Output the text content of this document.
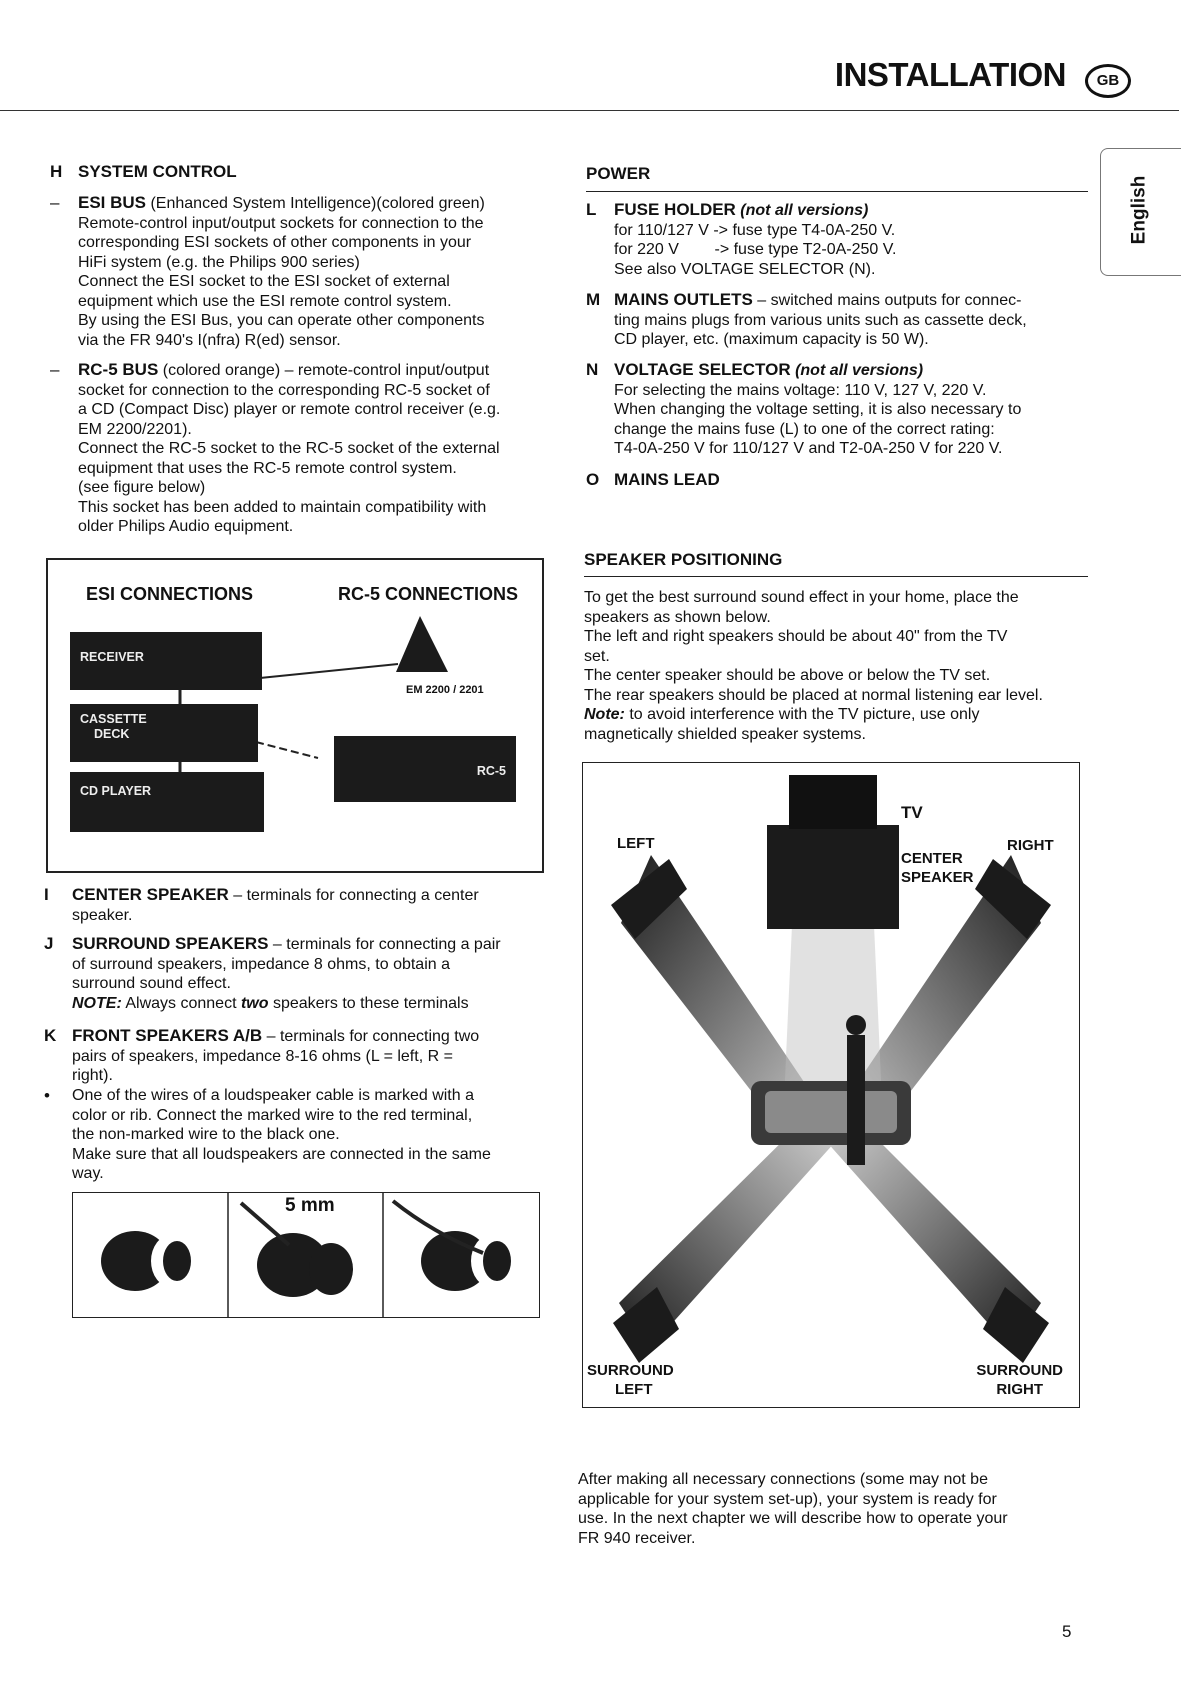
INSTALLATION	GB
English
H SYSTEM CONTROL
– ESI BUS (Enhanced System Intelligence)(colored green)
Remote-control input/output sockets for connection to the
corresponding ESI sockets of other components in your
HiFi system (e.g. the Philips 900 series)
Connect the ESI socket to the ESI socket of external
equipment which use the ESI remote control system.
By using the ESI Bus, you can operate other components
via the FR 940's I(nfra) R(ed) sensor.
– RC-5 BUS (colored orange) – remote-control input/output
socket for connection to the corresponding RC-5 socket of
a CD (Compact Disc) player or remote control receiver (e.g.
EM 2200/2201).
Connect the RC-5 socket to the RC-5 socket of the external
equipment that uses the RC-5 remote control system.
(see figure below)
This socket has been added to maintain compatibility with
older Philips Audio equipment.
ESI CONNECTIONS	RC-5 CONNECTIONS
RECEIVER
CASSETTE
DECK
CD PLAYER
EM 2200 / 2201
RC-5
I CENTER SPEAKER – terminals for connecting a center
speaker.
J SURROUND SPEAKERS – terminals for connecting a pair
of surround speakers, impedance 8 ohms, to obtain a
surround sound effect.
NOTE: Always connect two speakers to these terminals
K FRONT SPEAKERS A/B – terminals for connecting two
pairs of speakers, impedance 8-16 ohms (L = left, R =
right).
• One of the wires of a loudspeaker cable is marked with a
color or rib. Connect the marked wire to the red terminal,
the non-marked wire to the black one.
Make sure that all loudspeakers are connected in the same
way.
5 mm
POWER
L FUSE HOLDER (not all versions)
for 110/127 V -> fuse type T4-0A-250 V.
for 220 V        -> fuse type T2-0A-250 V.
See also VOLTAGE SELECTOR (N).
M MAINS OUTLETS – switched mains outputs for connec-
ting mains plugs from various units such as cassette deck,
CD player, etc. (maximum capacity is 50 W).
N VOLTAGE SELECTOR (not all versions)
For selecting the mains voltage: 110 V, 127 V, 220 V.
When changing the voltage setting, it is also necessary to
change the mains fuse (L) to one of the correct rating:
T4-0A-250 V for 110/127 V and T2-0A-250 V for 220 V.
O MAINS LEAD
SPEAKER POSITIONING
To get the best surround sound effect in your home, place the
speakers as shown below.
The left and right speakers should be about 40" from the TV
set.
The center speaker should be above or below the TV set.
The rear speakers should be placed at normal listening ear level.
Note: to avoid interference with the TV picture, use only
magnetically shielded speaker systems.
TV
LEFT	RIGHT
CENTER
SPEAKER
SURROUND
LEFT
SURROUND
RIGHT
After making all necessary connections (some may not be
applicable for your system set-up), your system is ready for
use. In the next chapter we will describe how to operate your
FR 940 receiver.
5
